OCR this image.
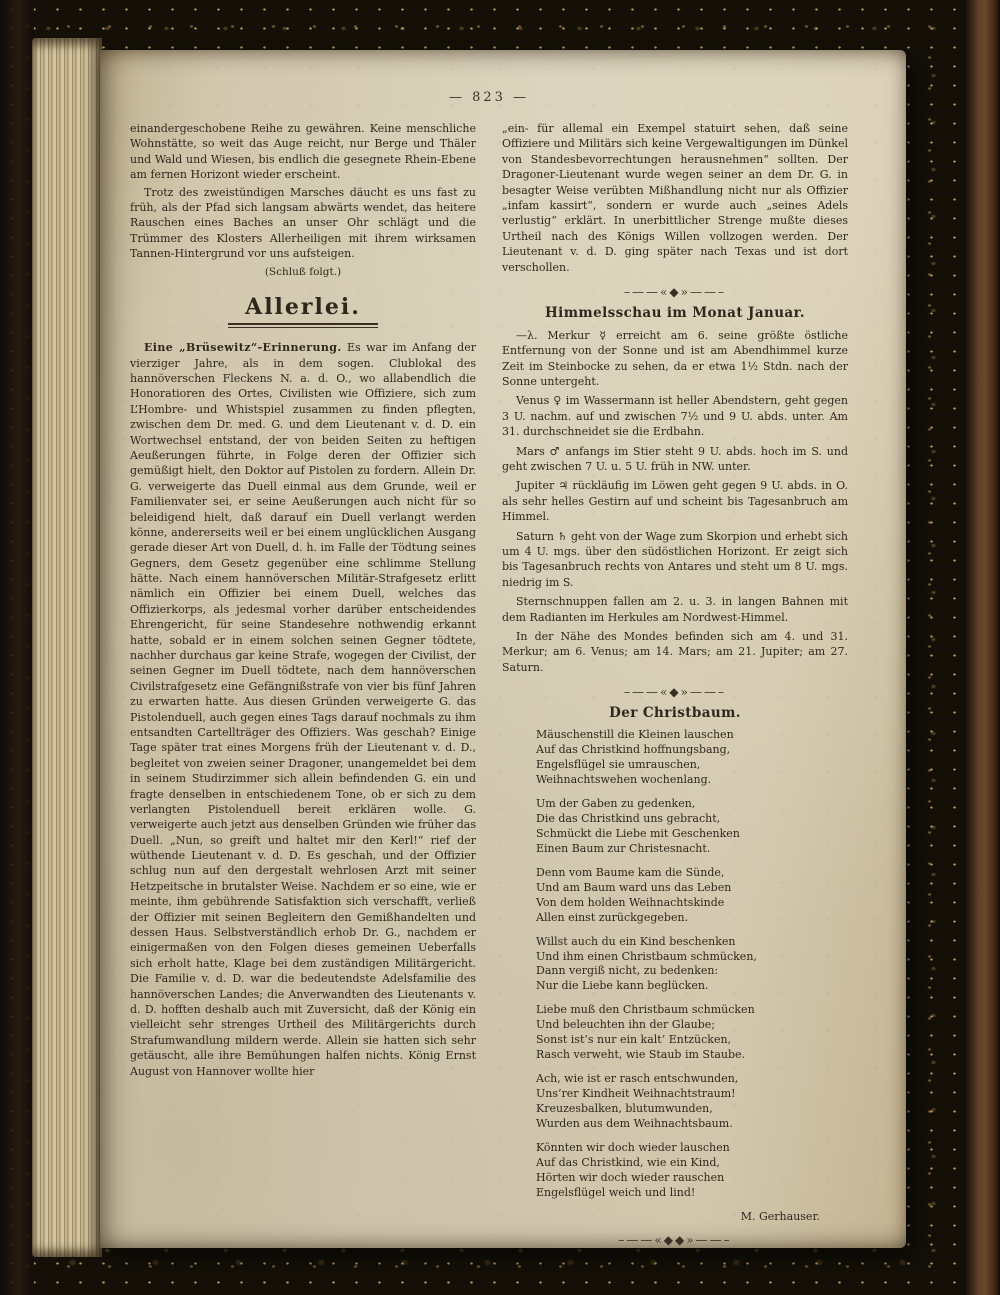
— 823 —

einandergeschobene Reihe zu gewähren. Keine menschliche Wohnstätte, so weit das Auge reicht, nur Berge und Thäler und Wald und Wiesen, bis endlich die gesegnete Rhein-Ebene am fernen Horizont wieder erscheint.

Trotz des zweistündigen Marsches däucht es uns fast zu früh, als der Pfad sich langsam abwärts wendet, das heitere Rauschen eines Baches an unser Ohr schlägt und die Trümmer des Klosters Allerheiligen mit ihrem wirksamen Tannen-Hintergrund vor uns aufsteigen.

(Schluß folgt.)

Allerlei.

Eine „Brüsewitz“-Erinnerung. Es war im Anfang der vierziger Jahre, als in dem sogen. Clublokal des hannöverschen Fleckens N. a. d. O., wo allabendlich die Honoratioren des Ortes, Civilisten wie Offiziere, sich zum L’Hombre- und Whistspiel zusammen zu finden pflegten, zwischen dem Dr. med. G. und dem Lieutenant v. d. D. ein Wortwechsel entstand, der von beiden Seiten zu heftigen Aeußerungen führte, in Folge deren der Offizier sich gemüßigt hielt, den Doktor auf Pistolen zu fordern. Allein Dr. G. verweigerte das Duell einmal aus dem Grunde, weil er Familienvater sei, er seine Aeußerungen auch nicht für so beleidigend hielt, daß darauf ein Duell verlangt werden könne, andererseits weil er bei einem unglücklichen Ausgang gerade dieser Art von Duell, d. h. im Falle der Tödtung seines Gegners, dem Gesetz gegenüber eine schlimme Stellung hätte. Nach einem hannöverschen Militär-Strafgesetz erlitt nämlich ein Offizier bei einem Duell, welches das Offizierkorps, als jedesmal vorher darüber entscheidendes Ehrengericht, für seine Standesehre nothwendig erkannt hatte, sobald er in einem solchen seinen Gegner tödtete, nachher durchaus gar keine Strafe, wogegen der Civilist, der seinen Gegner im Duell tödtete, nach dem hannöverschen Civilstrafgesetz eine Gefängnißstrafe von vier bis fünf Jahren zu erwarten hatte. Aus diesen Gründen verweigerte G. das Pistolenduell, auch gegen eines Tags darauf nochmals zu ihm entsandten Cartellträger des Offiziers. Was geschah? Einige Tage später trat eines Morgens früh der Lieutenant v. d. D., begleitet von zweien seiner Dragoner, unangemeldet bei dem in seinem Studirzimmer sich allein befindenden G. ein und fragte denselben in entschiedenem Tone, ob er sich zu dem verlangten Pistolenduell bereit erklären wolle. G. verweigerte auch jetzt aus denselben Gründen wie früher das Duell. „Nun, so greift und haltet mir den Kerl!“ rief der wüthende Lieutenant v. d. D. Es geschah, und der Offizier schlug nun auf den dergestalt wehrlosen Arzt mit seiner Hetzpeitsche in brutalster Weise. Nachdem er so eine, wie er meinte, ihm gebührende Satisfaktion sich verschafft, verließ der Offizier mit seinen Begleitern den Gemißhandelten und dessen Haus. Selbstverständlich erhob Dr. G., nachdem er einigermaßen von den Folgen dieses gemeinen Ueberfalls sich erholt hatte, Klage bei dem zuständigen Militärgericht. Die Familie v. d. D. war die bedeutendste Adelsfamilie des hannöverschen Landes; die Anverwandten des Lieutenants v. d. D. hofften deshalb auch mit Zuversicht, daß der König ein vielleicht sehr strenges Urtheil des Militärgerichts durch Strafumwandlung mildern werde. Allein sie hatten sich sehr getäuscht, alle ihre Bemühungen halfen nichts. König Ernst August von Hannover wollte hier

„ein- für allemal ein Exempel statuirt sehen, daß seine Offiziere und Militärs sich keine Vergewaltigungen im Dünkel von Standesbevorrechtungen herausnehmen“ sollten. Der Dragoner-Lieutenant wurde wegen seiner an dem Dr. G. in besagter Weise verübten Mißhandlung nicht nur als Offizier „infam kassirt“, sondern er wurde auch „seines Adels verlustig“ erklärt. In unerbittlicher Strenge mußte dieses Urtheil nach des Königs Willen vollzogen werden. Der Lieutenant v. d. D. ging später nach Texas und ist dort verschollen.

–——«◆»——–
Himmelsschau im Monat Januar.

—λ. Merkur ☿ erreicht am 6. seine größte östliche Entfernung von der Sonne und ist am Abendhimmel kurze Zeit im Steinbocke zu sehen, da er etwa 1½ Stdn. nach der Sonne untergeht.

Venus ♀ im Wassermann ist heller Abendstern, geht gegen 3 U. nachm. auf und zwischen 7½ und 9 U. abds. unter. Am 31. durchschneidet sie die Erdbahn.

Mars ♂ anfangs im Stier steht 9 U. abds. hoch im S. und geht zwischen 7 U. u. 5 U. früh in NW. unter.

Jupiter ♃ rückläufig im Löwen geht gegen 9 U. abds. in O. als sehr helles Gestirn auf und scheint bis Tagesanbruch am Himmel.

Saturn ♄ geht von der Wage zum Skorpion und erhebt sich um 4 U. mgs. über den südöstlichen Horizont. Er zeigt sich bis Tagesanbruch rechts von Antares und steht um 8 U. mgs. niedrig im S.

Sternschnuppen fallen am 2. u. 3. in langen Bahnen mit dem Radianten im Herkules am Nordwest-Himmel.

In der Nähe des Mondes befinden sich am 4. und 31. Merkur; am 6. Venus; am 14. Mars; am 21. Jupiter; am 27. Saturn.

–——«◆»——–
Der Christbaum.
Mäuschenstill die Kleinen lauschen
Auf das Christkind hoffnungsbang,
Engelsflügel sie umrauschen,
Weihnachtswehen wochenlang.
Um der Gaben zu gedenken,
Die das Christkind uns gebracht,
Schmückt die Liebe mit Geschenken
Einen Baum zur Christesnacht.
Denn vom Baume kam die Sünde,
Und am Baum ward uns das Leben
Von dem holden Weihnachtskinde
Allen einst zurückgegeben.
Willst auch du ein Kind beschenken
Und ihm einen Christbaum schmücken,
Dann vergiß nicht, zu bedenken:
Nur die Liebe kann beglücken.
Liebe muß den Christbaum schmücken
Und beleuchten ihn der Glaube;
Sonst ist’s nur ein kalt’ Entzücken,
Rasch verweht, wie Staub im Staube.
Ach, wie ist er rasch entschwunden,
Uns’rer Kindheit Weihnachtstraum!
Kreuzesbalken, blutumwunden,
Wurden aus dem Weihnachtsbaum.
Könnten wir doch wieder lauschen
Auf das Christkind, wie ein Kind,
Hörten wir doch wieder rauschen
Engelsflügel weich und lind!
M. Gerhauser.
–——«◆◆»——–
